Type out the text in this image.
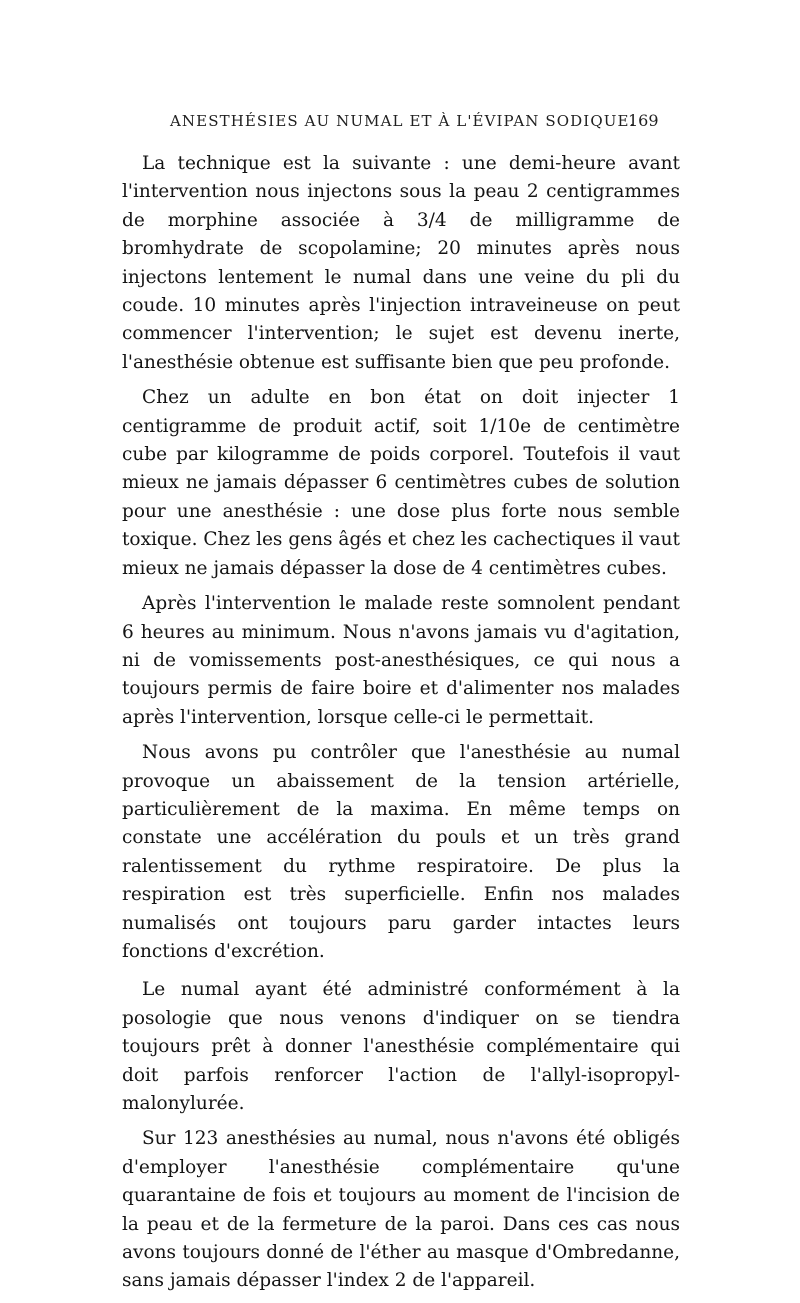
ANESTHÉSIES AU NUMAL ET À L'ÉVIPAN SODIQUE.
169

La technique est la suivante : une demi-heure avant l'intervention nous injectons sous la peau 2 centigrammes de morphine associée à 3/4 de milligramme de bromhydrate de scopolamine; 20 minutes après nous injectons lentement le numal dans une veine du pli du coude. 10 minutes après l'injection intraveineuse on peut commencer l'intervention; le sujet est devenu inerte, l'anesthésie obtenue est suffisante bien que peu profonde.

Chez un adulte en bon état on doit injecter 1 centigramme de produit actif, soit 1/10e de centimètre cube par kilogramme de poids corporel. Toutefois il vaut mieux ne jamais dépasser 6 centimètres cubes de solution pour une anesthésie : une dose plus forte nous semble toxique. Chez les gens âgés et chez les cachectiques il vaut mieux ne jamais dépasser la dose de 4 centimètres cubes.

Après l'intervention le malade reste somnolent pendant 6 heures au minimum. Nous n'avons jamais vu d'agitation, ni de vomissements post-anesthésiques, ce qui nous a toujours permis de faire boire et d'alimenter nos malades après l'intervention, lorsque celle-ci le permettait.

Nous avons pu contrôler que l'anesthésie au numal provoque un abaissement de la tension artérielle, particulièrement de la maxima. En même temps on constate une accélération du pouls et un très grand ralentissement du rythme respiratoire. De plus la respiration est très superficielle. Enfin nos malades numalisés ont toujours paru garder intactes leurs fonctions d'excrétion.

Le numal ayant été administré conformément à la posologie que nous venons d'indiquer on se tiendra toujours prêt à donner l'anesthésie complémentaire qui doit parfois renforcer l'action de l'allyl-isopropyl-malonylurée.

Sur 123 anesthésies au numal, nous n'avons été obligés d'employer l'anesthésie complémentaire qu'une quarantaine de fois et toujours au moment de l'incision de la peau et de la fermeture de la paroi. Dans ces cas nous avons toujours donné de l'éther au masque d'Ombredanne, sans jamais dépasser l'index 2 de l'appareil.
